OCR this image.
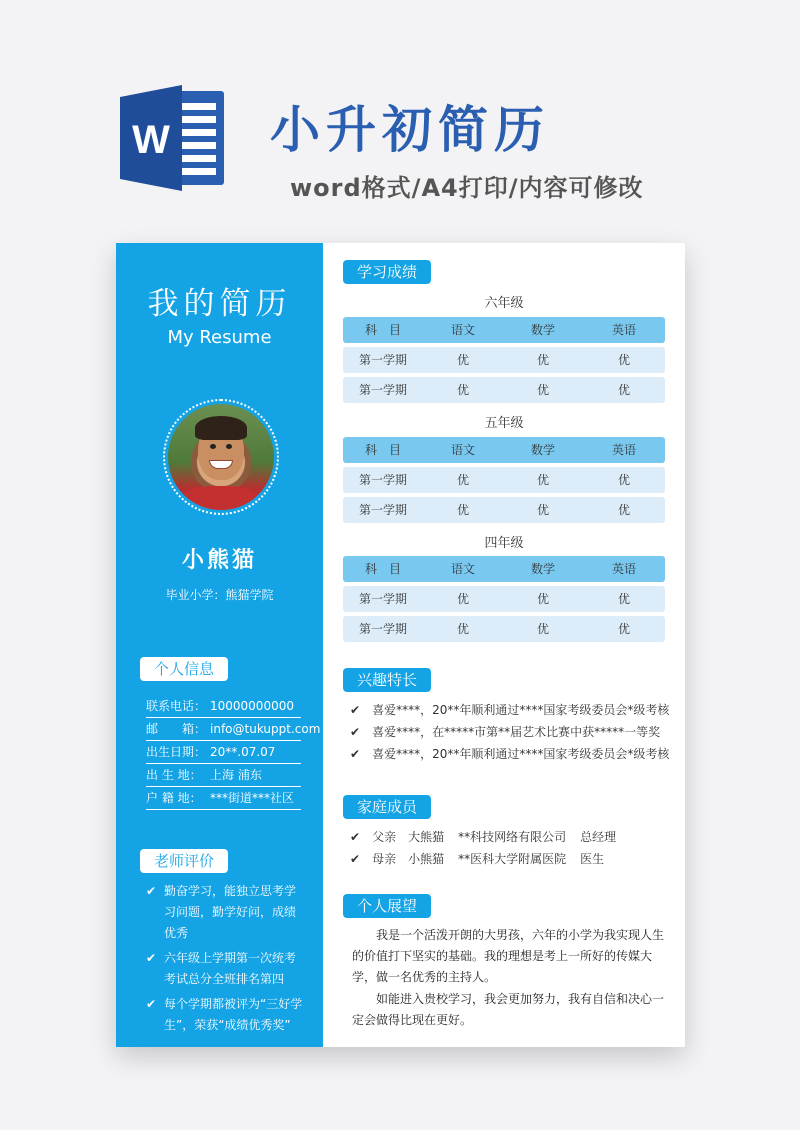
W 小升初简历
word格式/A4打印/内容可修改
我的简历
My Resume
小熊猫
毕业小学：熊猫学院
个人信息
联系电话： 10000000000
邮　　箱： info@tukuppt.com
出生日期： 20**.07.07
出 生 地： 上海 浦东
户 籍 地： ***街道***社区
老师评价
✔ 勤奋学习，能独立思考学习问题，勤学好问，成绩优秀
✔ 六年级上学期第一次统考考试总分全班排名第四
✔ 每个学期都被评为“三好学生”，荣获“成绩优秀奖”
学习成绩
六年级
科　目	语文	数学	英语
第一学期	优	优	优
第一学期	优	优	优
五年级
科　目	语文	数学	英语
第一学期	优	优	优
第一学期	优	优	优
四年级
科　目	语文	数学	英语
第一学期	优	优	优
第一学期	优	优	优
兴趣特长
✔　 喜爱****，20**年顺利通过****国家考级委员会*级考核
✔　 喜爱****，在*****市第**届艺术比赛中获*****一等奖
✔　 喜爱****，20**年顺利通过****国家考级委员会*级考核
家庭成员
✔　 父亲 大熊猫 **科技网络有限公司 总经理
✔　 母亲 小熊猫 **医科大学附属医院 医生
个人展望

我是一个活泼开朗的大男孩，六年的小学为我实现人生的价值打下坚实的基础。我的理想是考上一所好的传媒大学，做一名优秀的主持人。

如能进入贵校学习，我会更加努力，我有自信和决心一定会做得比现在更好。
